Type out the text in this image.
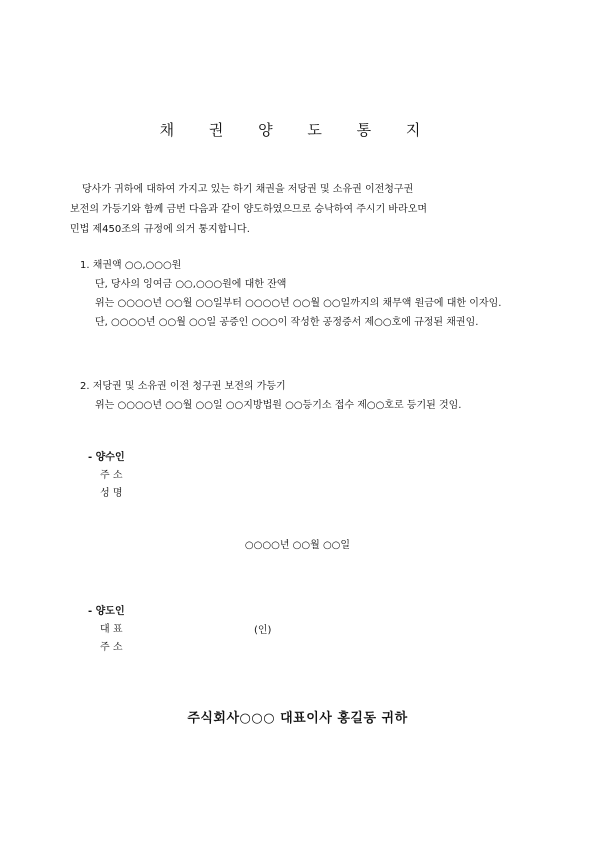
채 권 양 도 통 지

당사가 귀하에 대하여 가지고 있는 하기 채권을 저당권 및 소유권 이전청구권

보전의 가등기와 함께 금번 다음과 같이 양도하였으므로 승낙하여 주시기 바라오며

민법 제450조의 규정에 의거 통지합니다.

1. 채권액 ○○,○○○원

단, 당사의 잉여금 ○○,○○○원에 대한 잔액

위는 ○○○○년 ○○월 ○○일부터 ○○○○년 ○○월 ○○일까지의 채무액 원금에 대한 이자임.

단, ○○○○년 ○○월 ○○일 공증인 ○○○이 작성한 공정증서 제○○호에 규정된 채권임.

2. 저당권 및 소유권 이전 청구권 보전의 가등기

위는 ○○○○년 ○○월 ○○일 ○○지방법원 ○○등기소 접수 제○○호로 등기된 것임.

- 양수인
주 소
성 명
○○○○년 ○○월 ○○일
- 양도인
대 표
주 소
(인)
주식회사○○○ 대표이사 홍길동 귀하
